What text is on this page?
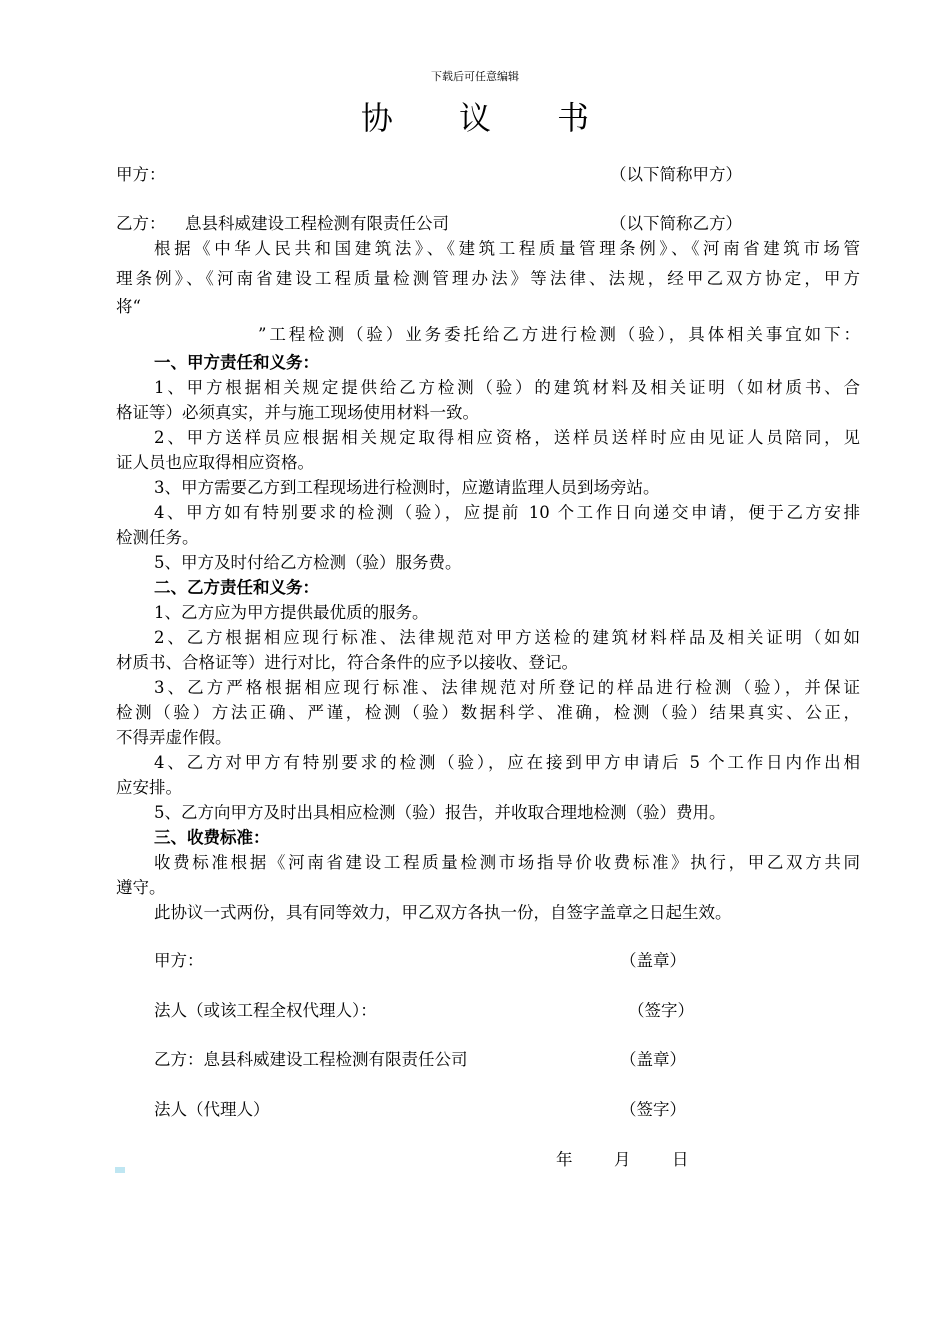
下载后可任意编辑
协 议 书
甲方：	（以下简称甲方）
乙方： 息县科威建设工程检测有限责任公司	（以下简称乙方）
根据《中华人民共和国建筑法》、《建筑工程质量管理条例》、《河南省建筑市场管
理条例》、《河南省建设工程质量检测管理办法》等法律、法规，经甲乙双方协定，甲方
将“
”工程检测（验）业务委托给乙方进行检测（验），具体相关事宜如下：
一、甲方责任和义务：
1、甲方根据相关规定提供给乙方检测（验）的建筑材料及相关证明（如材质书、合
格证等）必须真实，并与施工现场使用材料一致。
2、甲方送样员应根据相关规定取得相应资格，送样员送样时应由见证人员陪同，见
证人员也应取得相应资格。
3、甲方需要乙方到工程现场进行检测时，应邀请监理人员到场旁站。
4、甲方如有特别要求的检测（验），应提前 10 个工作日向递交申请，便于乙方安排
检测任务。
5、甲方及时付给乙方检测（验）服务费。
二、乙方责任和义务：
1、乙方应为甲方提供最优质的服务。
2、乙方根据相应现行标准、法律规范对甲方送检的建筑材料样品及相关证明（如如
材质书、合格证等）进行对比，符合条件的应予以接收、登记。
3、乙方严格根据相应现行标准、法律规范对所登记的样品进行检测（验），并保证
检测（验）方法正确、严谨，检测（验）数据科学、准确，检测（验）结果真实、公正，
不得弄虚作假。
4、乙方对甲方有特别要求的检测（验），应在接到甲方申请后 5 个工作日内作出相
应安排。
5、乙方向甲方及时出具相应检测（验）报告，并收取合理地检测（验）费用。
三、收费标准：
收费标准根据《河南省建设工程质量检测市场指导价收费标准》执行，甲乙双方共同
遵守。
此协议一式两份，具有同等效力，甲乙双方各执一份，自签字盖章之日起生效。
甲方：	（盖章）
法人（或该工程全权代理人）：	（签字）
乙方：息县科威建设工程检测有限责任公司	（盖章）
法人（代理人）	（签字）
年	月	日
